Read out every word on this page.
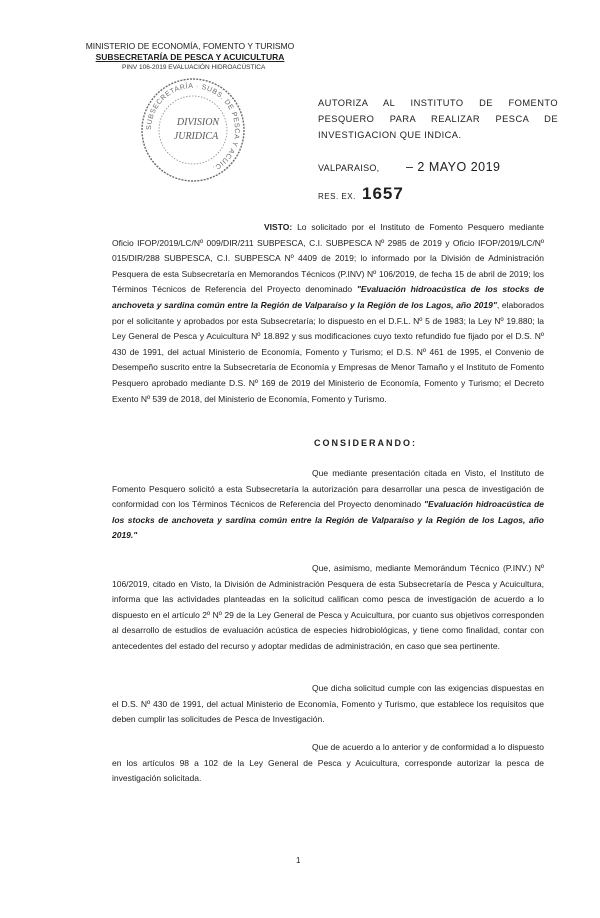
MINISTERIO DE ECONOMÍA, FOMENTO Y TURISMO
SUBSECRETARÍA DE PESCA Y ACUICULTURA
PINV 106-2019 EVALUACIÓN HIDROACÚSTICA
SUBSECRETARÍA · SUBS. DE PESCA Y ACUIC.
DIVISION
JURIDICA
AUTORIZA AL INSTITUTO DE FOMENTO PESQUERO PARA REALIZAR PESCA DE INVESTIGACION QUE INDICA.
VALPARAISO, – 2 MAYO 2019
RES. EX. 1657
VISTO: Lo solicitado por el Instituto de Fomento Pesquero mediante Oficio IFOP/2019/LC/Nº 009/DIR/211 SUBPESCA, C.I. SUBPESCA Nº 2985 de 2019 y Oficio IFOP/2019/LC/Nº 015/DIR/288 SUBPESCA, C.I. SUBPESCA Nº 4409 de 2019; lo informado por la División de Administración Pesquera de esta Subsecretaría en Memorandos Técnicos (P.INV) Nº 106/2019, de fecha 15 de abril de 2019; los Términos Técnicos de Referencia del Proyecto denominado "Evaluación hidroacústica de los stocks de anchoveta y sardina común entre la Región de Valparaíso y la Región de los Lagos, año 2019", elaborados por el solicitante y aprobados por esta Subsecretaría; lo dispuesto en el D.F.L. Nº 5 de 1983; la Ley Nº 19.880; la Ley General de Pesca y Acuicultura Nº 18.892 y sus modificaciones cuyo texto refundido fue fijado por el D.S. Nº 430 de 1991, del actual Ministerio de Economía, Fomento y Turismo; el D.S. Nº 461 de 1995, el Convenio de Desempeño suscrito entre la Subsecretaría de Economía y Empresas de Menor Tamaño y el Instituto de Fomento Pesquero aprobado mediante D.S. Nº 169 de 2019 del Ministerio de Economía, Fomento y Turismo; el Decreto Exento Nº 539 de 2018, del Ministerio de Economía, Fomento y Turismo.
CONSIDERANDO:
Que mediante presentación citada en Visto, el Instituto de Fomento Pesquero solicitó a esta Subsecretaría la autorización para desarrollar una pesca de investigación de conformidad con los Términos Técnicos de Referencia del Proyecto denominado "Evaluación hidroacústica de los stocks de anchoveta y sardina común entre la Región de Valparaíso y la Región de los Lagos, año 2019."
Que, asimismo, mediante Memorándum Técnico (P.INV.) Nº 106/2019, citado en Visto, la División de Administración Pesquera de esta Subsecretaría de Pesca y Acuicultura, informa que las actividades planteadas en la solicitud califican como pesca de investigación de acuerdo a lo dispuesto en el artículo 2º Nº 29 de la Ley General de Pesca y Acuicultura, por cuanto sus objetivos corresponden al desarrollo de estudios de evaluación acústica de especies hidrobiológicas, y tiene como finalidad, contar con antecedentes del estado del recurso y adoptar medidas de administración, en caso que sea pertinente.
Que dicha solicitud cumple con las exigencias dispuestas en el D.S. Nº 430 de 1991, del actual Ministerio de Economía, Fomento y Turismo, que establece los requisitos que deben cumplir las solicitudes de Pesca de Investigación.
Que de acuerdo a lo anterior y de conformidad a lo dispuesto en los artículos 98 a 102 de la Ley General de Pesca y Acuicultura, corresponde autorizar la pesca de investigación solicitada.
1
